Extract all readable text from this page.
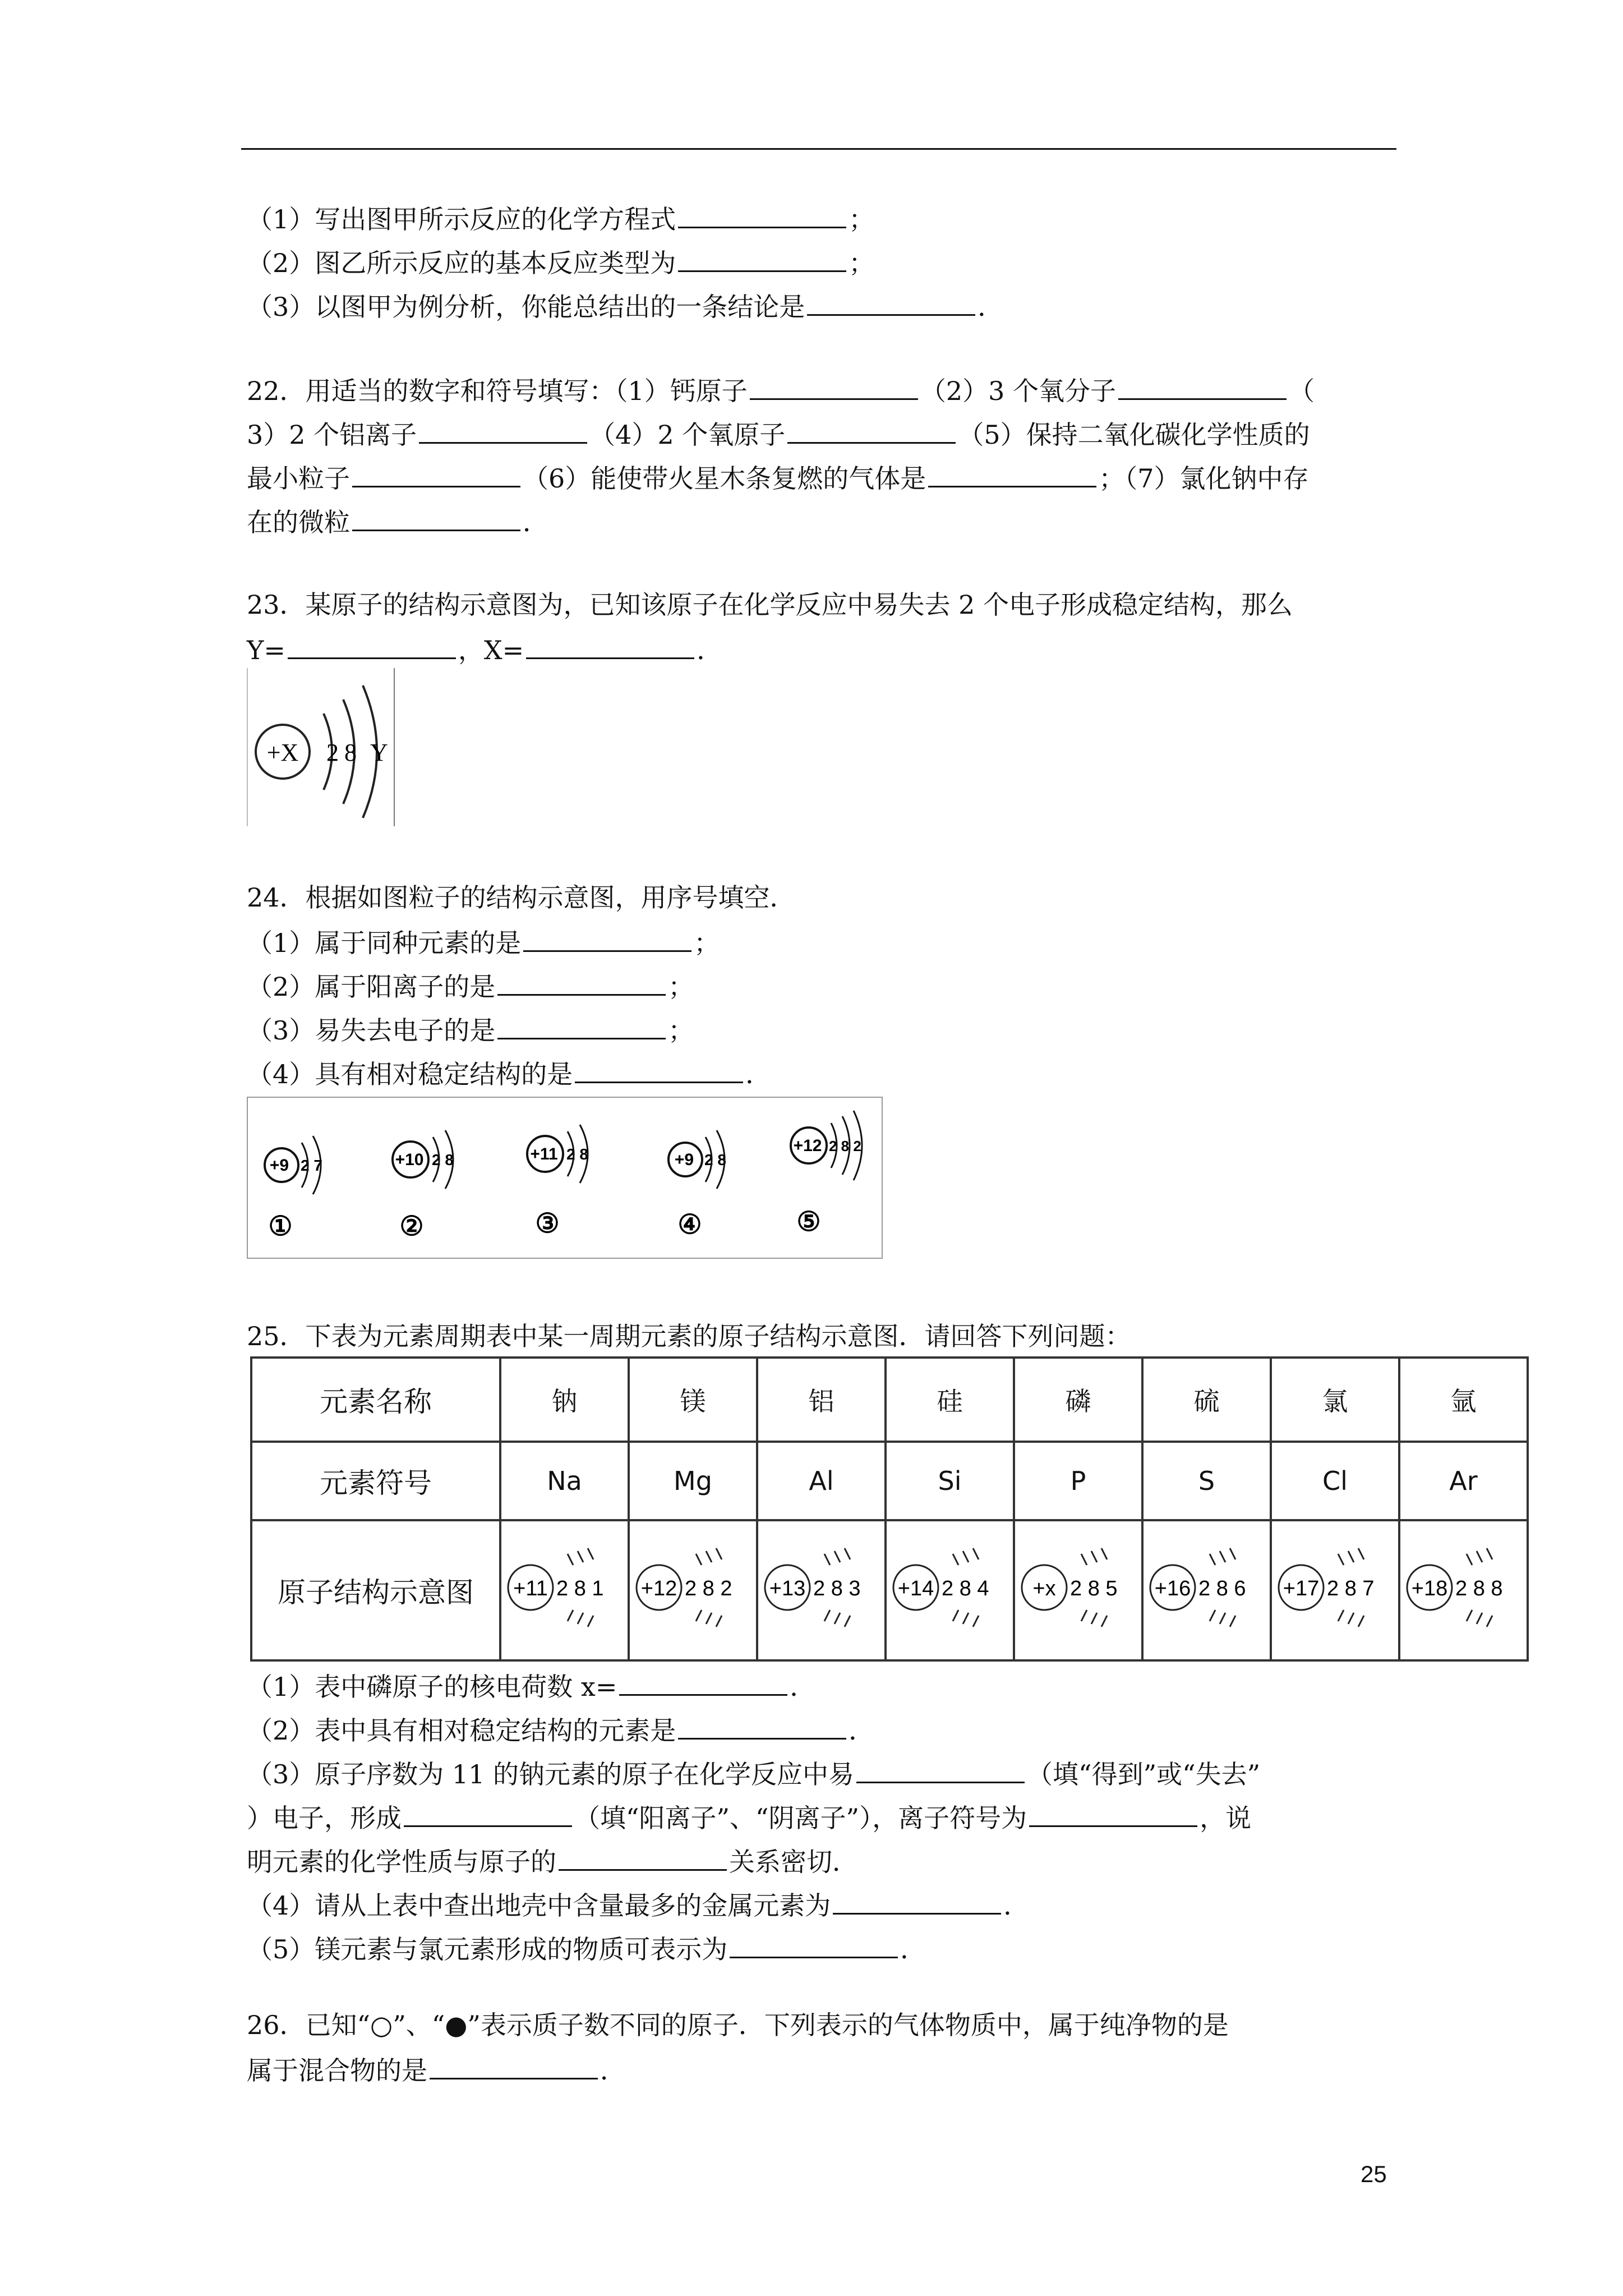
（1）写出图甲所示反应的化学方程式	；
（2）图乙所示反应的基本反应类型为	；
（3）以图甲为例分析，你能总结出的一条结论是	．
22．用适当的数字和符号填写：（1）钙原子	（2）3 个氧分子	（
3）2 个铝离子	（4）2 个氧原子	（5）保持二氧化碳化学性质的
最小粒子	（6）能使带火星木条复燃的气体是	；（7）氯化钠中存
在的微粒	．
23．某原子的结构示意图为，已知该原子在化学反应中易失去 2 个电子形成稳定结构，那么
Y=	，X=	．
+X 2 8 Y
24．根据如图粒子的结构示意图，用序号填空．
（1）属于同种元素的是	；
（2）属于阳离子的是	；
（3）易失去电子的是	；
（4）具有相对稳定结构的是	．
+9 2 7
①
+10 2 8
②
+11 2 8
③
+9 2 8
④
+12 2 8 2
⑤
25．下表为元素周期表中某一周期元素的原子结构示意图．请回答下列问题：
元素名称	钠	镁	铝	硅	磷	硫	氯	氩
元素符号	Na	Mg	Al	Si	P	S	Cl	Ar
原子结构示意图	+11 2 8 1	+12 2 8 2	+13 2 8 3	+14 2 8 4	+x 2 8 5	+16 2 8 6	+17 2 8 7	+18 2 8 8
（1）表中磷原子的核电荷数 x=	．
（2）表中具有相对稳定结构的元素是	．
（3）原子序数为 11 的钠元素的原子在化学反应中易	（填“得到”或“失去”
）电子，形成	（填“阳离子”、“阴离子”），离子符号为	，说
明元素的化学性质与原子的	关系密切．
（4）请从上表中查出地壳中含量最多的金属元素为	．
（5）镁元素与氯元素形成的物质可表示为	．
26．已知“○”、“●”表示质子数不同的原子．下列表示的气体物质中，属于纯净物的是
属于混合物的是	．
25
